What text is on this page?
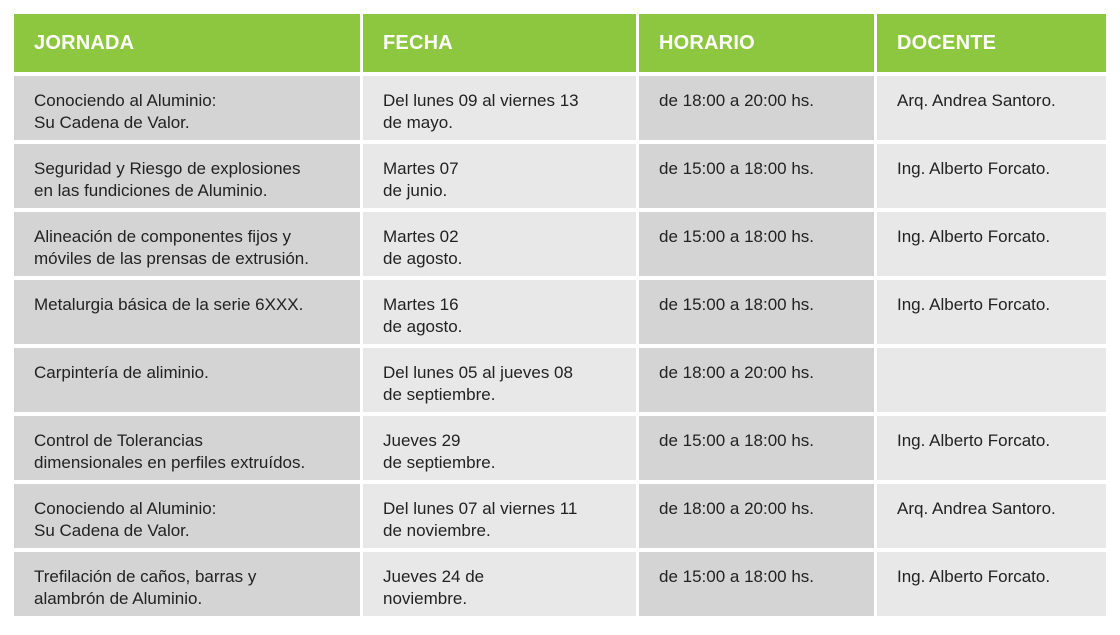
JORNADA	FECHA	HORARIO	DOCENTE

Conociendo al Aluminio:
Su Cadena de Valor.	Del lunes 09 al viernes 13
de mayo.	de 18:00 a 20:00 hs.	Arq. Andrea Santoro.

Seguridad y Riesgo de explosiones
en las fundiciones de Aluminio.	Martes 07
de junio.	de 15:00 a 18:00 hs.	Ing. Alberto Forcato.

Alineación de componentes fijos y
móviles de las prensas de extrusión.	Martes 02
de agosto.	de 15:00 a 18:00 hs.	Ing. Alberto Forcato.

Metalurgia básica de la serie 6XXX.	Martes 16
de agosto.	de 15:00 a 18:00 hs.	Ing. Alberto Forcato.

Carpintería de aliminio.	Del lunes 05 al jueves 08
de septiembre.	de 18:00 a 20:00 hs.	

Control de Tolerancias
dimensionales en perfiles extruídos.	Jueves 29
de septiembre.	de 15:00 a 18:00 hs.	Ing. Alberto Forcato.

Conociendo al Aluminio:
Su Cadena de Valor.	Del lunes 07 al viernes 11
de noviembre.	de 18:00 a 20:00 hs.	Arq. Andrea Santoro.

Trefilación de caños, barras y
alambrón de Aluminio.	Jueves 24 de
noviembre.	de 15:00 a 18:00 hs.	Ing. Alberto Forcato.
